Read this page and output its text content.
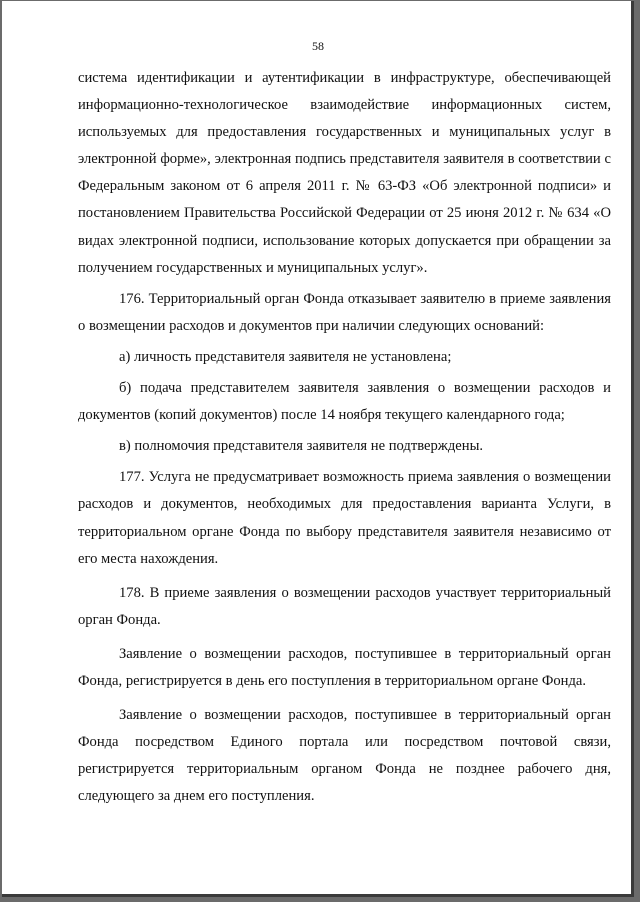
58

система идентификации и аутентификации в инфраструктуре, обеспечивающей информационно-технологическое взаимодействие информационных систем, используемых для предоставления государственных и муниципальных услуг в электронной форме», электронная подпись представителя заявителя в соответствии с Федеральным законом от 6 апреля 2011 г. № 63-ФЗ «Об электронной подписи» и постановлением Правительства Российской Федерации от 25 июня 2012 г. № 634 «О видах электронной подписи, использование которых допускается при обращении за получением государственных и муниципальных услуг».

176. Территориальный орган Фонда отказывает заявителю в приеме заявления о возмещении расходов и документов при наличии следующих оснований:

а) личность представителя заявителя не установлена;

б) подача представителем заявителя заявления о возмещении расходов и документов (копий документов) после 14 ноября текущего календарного года;

в) полномочия представителя заявителя не подтверждены.

177. Услуга не предусматривает возможность приема заявления о возмещении расходов и документов, необходимых для предоставления варианта Услуги, в территориальном органе Фонда по выбору представителя заявителя независимо от его места нахождения.

178. В приеме заявления о возмещении расходов участвует территориальный орган Фонда.

Заявление о возмещении расходов, поступившее в территориальный орган Фонда, регистрируется в день его поступления в территориальном органе Фонда.

Заявление о возмещении расходов, поступившее в территориальный орган Фонда посредством Единого портала или посредством почтовой связи, регистрируется территориальным органом Фонда не позднее рабочего дня, следующего за днем его поступления.
